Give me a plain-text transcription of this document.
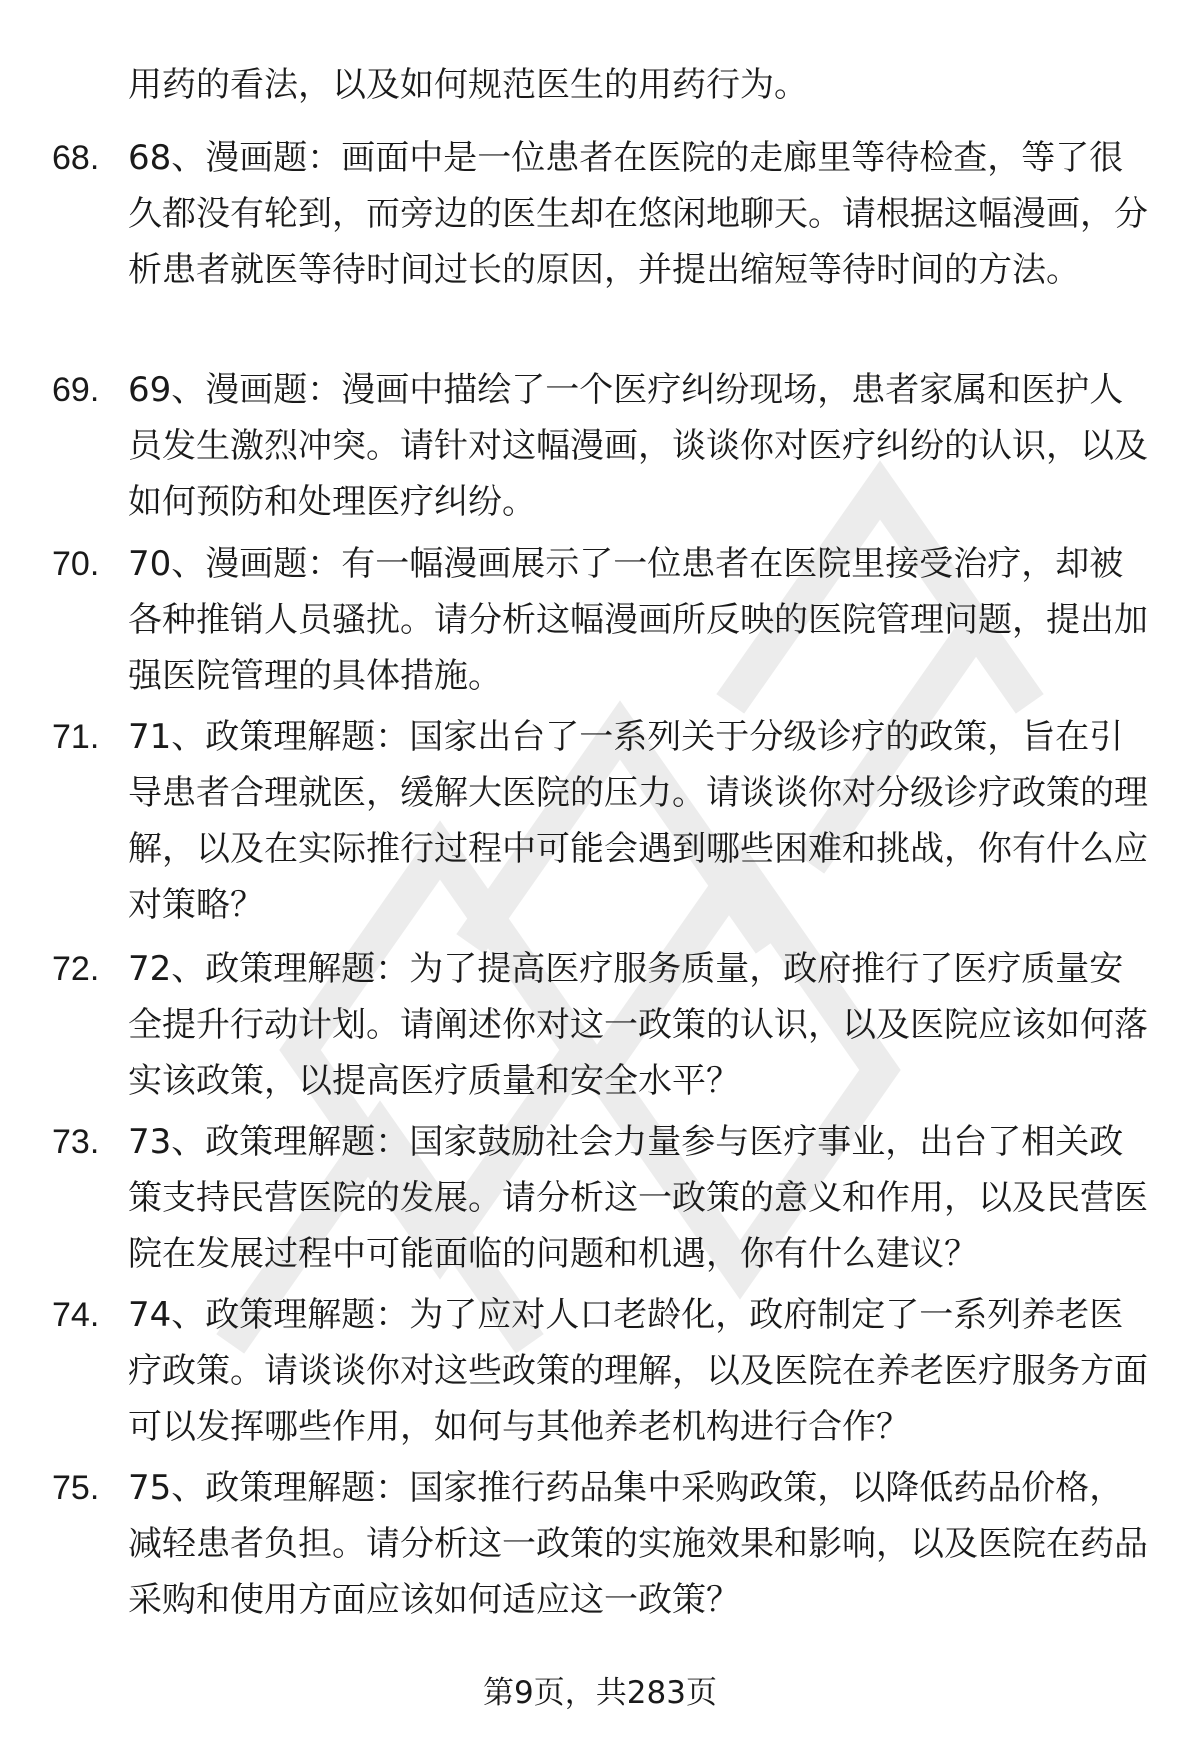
用药的看法，以及如何规范医生的用药行为。
68. 68、漫画题：画面中是一位患者在医院的走廊里等待检查，等了很久都没有轮到，而旁边的医生却在悠闲地聊天。请根据这幅漫画，分析患者就医等待时间过长的原因，并提出缩短等待时间的方法。
69. 69、漫画题：漫画中描绘了一个医疗纠纷现场，患者家属和医护人员发生激烈冲突。请针对这幅漫画，谈谈你对医疗纠纷的认识，以及如何预防和处理医疗纠纷。
70. 70、漫画题：有一幅漫画展示了一位患者在医院里接受治疗，却被各种推销人员骚扰。请分析这幅漫画所反映的医院管理问题，提出加强医院管理的具体措施。
71. 71、政策理解题：国家出台了一系列关于分级诊疗的政策，旨在引导患者合理就医，缓解大医院的压力。请谈谈你对分级诊疗政策的理解，以及在实际推行过程中可能会遇到哪些困难和挑战，你有什么应对策略？
72. 72、政策理解题：为了提高医疗服务质量，政府推行了医疗质量安全提升行动计划。请阐述你对这一政策的认识，以及医院应该如何落实该政策，以提高医疗质量和安全水平？
73. 73、政策理解题：国家鼓励社会力量参与医疗事业，出台了相关政策支持民营医院的发展。请分析这一政策的意义和作用，以及民营医院在发展过程中可能面临的问题和机遇，你有什么建议？
74. 74、政策理解题：为了应对人口老龄化，政府制定了一系列养老医疗政策。请谈谈你对这些政策的理解，以及医院在养老医疗服务方面可以发挥哪些作用，如何与其他养老机构进行合作？
75. 75、政策理解题：国家推行药品集中采购政策，以降低药品价格，减轻患者负担。请分析这一政策的实施效果和影响，以及医院在药品采购和使用方面应该如何适应这一政策？
第9页，共283页
